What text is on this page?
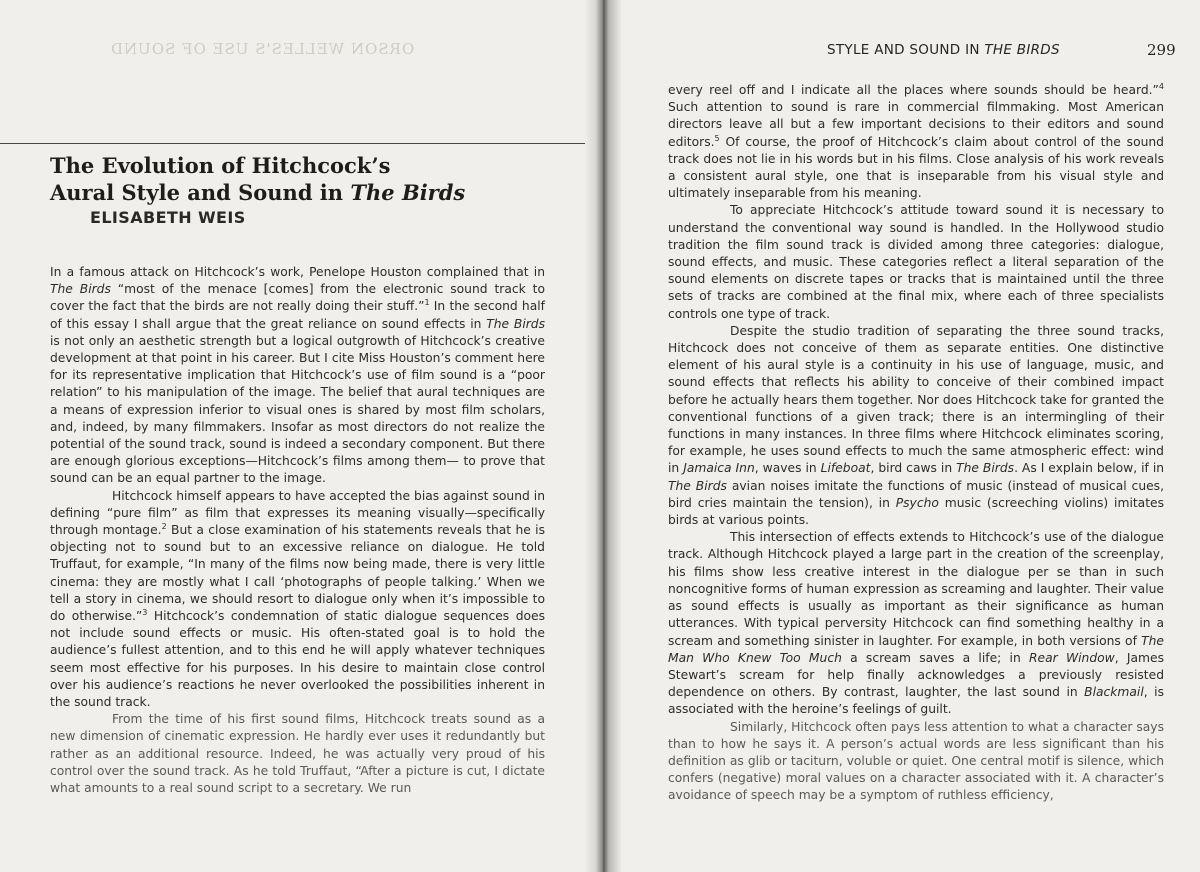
ORSON WELLES'S USE OF SOUND
The Evolution of Hitchcock’s
Aural Style and Sound in The Birds
ELISABETH WEIS

In a famous attack on Hitchcock’s work, Penelope Houston complained that in The Birds “most of the menace [comes] from the electronic sound track to cover the fact that the birds are not really doing their stuff.”$^1$ In the second half of this essay I shall argue that the great reliance on sound effects in The Birds is not only an aesthetic strength but a logical outgrowth of Hitchcock’s creative development at that point in his career. But I cite Miss Houston’s comment here for its representative implication that Hitchcock’s use of film sound is a “poor relation” to his manipulation of the image. The belief that aural techniques are a means of expression inferior to visual ones is shared by most film scholars, and, indeed, by many filmmakers. Insofar as most directors do not realize the potential of the sound track, sound is indeed a secondary component. But there are enough glorious exceptions—Hitchcock’s films among them— to prove that sound can be an equal partner to the image.

Hitchcock himself appears to have accepted the bias against sound in defining “pure film” as film that expresses its meaning visually—specifically through montage.$^2$ But a close examination of his statements reveals that he is objecting not to sound but to an excessive reliance on dialogue. He told Truffaut, for example, “In many of the films now being made, there is very little cinema: they are mostly what I call ‘photographs of people talking.’ When we tell a story in cinema, we should resort to dialogue only when it’s impossible to do otherwise.”$^3$ Hitchcock’s condemnation of static dialogue sequences does not include sound effects or music. His often-stated goal is to hold the audience’s fullest attention, and to this end he will apply whatever techniques seem most effective for his purposes. In his desire to maintain close control over his audience’s reactions he never overlooked the possibilities inherent in the sound track.

From the time of his first sound films, Hitchcock treats sound as a new dimension of cinematic expression. He hardly ever uses it redundantly but rather as an additional resource. Indeed, he was actually very proud of his control over the sound track. As he told Truffaut, “After a picture is cut, I dictate what amounts to a real sound script to a secretary. We run

STYLE AND SOUND IN THE BIRDS	299

every reel off and I indicate all the places where sounds should be heard.”$^4$ Such attention to sound is rare in commercial filmmaking. Most American directors leave all but a few important decisions to their editors and sound editors.$^5$ Of course, the proof of Hitchcock’s claim about control of the sound track does not lie in his words but in his films. Close analysis of his work reveals a consistent aural style, one that is inseparable from his visual style and ultimately inseparable from his meaning.

To appreciate Hitchcock’s attitude toward sound it is necessary to understand the conventional way sound is handled. In the Hollywood studio tradition the film sound track is divided among three categories: dialogue, sound effects, and music. These categories reflect a literal separation of the sound elements on discrete tapes or tracks that is maintained until the three sets of tracks are combined at the final mix, where each of three specialists controls one type of track.

Despite the studio tradition of separating the three sound tracks, Hitchcock does not conceive of them as separate entities. One distinctive element of his aural style is a continuity in his use of language, music, and sound effects that reflects his ability to conceive of their combined impact before he actually hears them together. Nor does Hitchcock take for granted the conventional functions of a given track; there is an intermingling of their functions in many instances. In three films where Hitchcock eliminates scoring, for example, he uses sound effects to much the same atmospheric effect: wind in Jamaica Inn, waves in Lifeboat, bird caws in The Birds. As I explain below, if in The Birds avian noises imitate the functions of music (instead of musical cues, bird cries maintain the tension), in Psycho music (screeching violins) imitates birds at various points.

This intersection of effects extends to Hitchcock’s use of the dialogue track. Although Hitchcock played a large part in the creation of the screenplay, his films show less creative interest in the dialogue per se than in such noncognitive forms of human expression as screaming and laughter. Their value as sound effects is usually as important as their significance as human utterances. With typical perversity Hitchcock can find something healthy in a scream and something sinister in laughter. For example, in both versions of The Man Who Knew Too Much a scream saves a life; in Rear Window, James Stewart’s scream for help finally acknowledges a previously resisted dependence on others. By contrast, laughter, the last sound in Blackmail, is associated with the heroine’s feelings of guilt.

Similarly, Hitchcock often pays less attention to what a character says than to how he says it. A person’s actual words are less significant than his definition as glib or taciturn, voluble or quiet. One central motif is silence, which confers (negative) moral values on a character associated with it. A character’s avoidance of speech may be a symptom of ruthless efficiency,
